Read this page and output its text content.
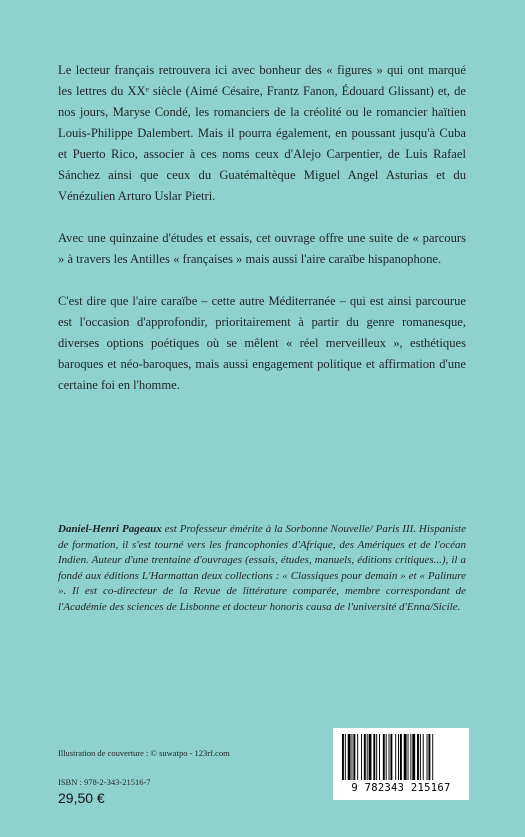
Le lecteur français retrouvera ici avec bonheur des « figures » qui ont marqué les lettres du XXᵉ siècle (Aimé Césaire, Frantz Fanon, Édouard Glissant) et, de nos jours, Maryse Condé, les romanciers de la créolité ou le romancier haïtien Louis-Philippe Dalembert. Mais il pourra également, en poussant jusqu'à Cuba et Puerto Rico, associer à ces noms ceux d'Alejo Carpentier, de Luis Rafael Sánchez ainsi que ceux du Guatémaltèque Miguel Angel Asturias et du Vénézulien Arturo Uslar Pietri.

Avec une quinzaine d'études et essais, cet ouvrage offre une suite de « parcours » à travers les Antilles « françaises » mais aussi l'aire caraïbe hispanophone.

C'est dire que l'aire caraïbe – cette autre Méditerranée – qui est ainsi parcourue est l'occasion d'approfondir, prioritairement à partir du genre romanesque, diverses options poétiques où se mêlent « réel merveilleux », esthétiques baroques et néo-baroques, mais aussi engagement politique et affirmation d'une certaine foi en l'homme.

Daniel-Henri Pageaux est Professeur émérite à la Sorbonne Nouvelle/ Paris III. Hispaniste de formation, il s'est tourné vers les francophonies d'Afrique, des Amériques et de l'océan Indien. Auteur d'une trentaine d'ouvrages (essais, études, manuels, éditions critiques...), il a fondé aux éditions L'Harmattan deux collections : « Classiques pour demain » et « Palinure ». Il est co-directeur de la Revue de littérature comparée, membre correspondant de l'Académie des sciences de Lisbonne et docteur honoris causa de l'université d'Enna/Sicile.

Illustration de couverture : © suwatpo - 123rf.com
ISBN : 978-2-343-21516-7
29,50 €
9 782343 215167
